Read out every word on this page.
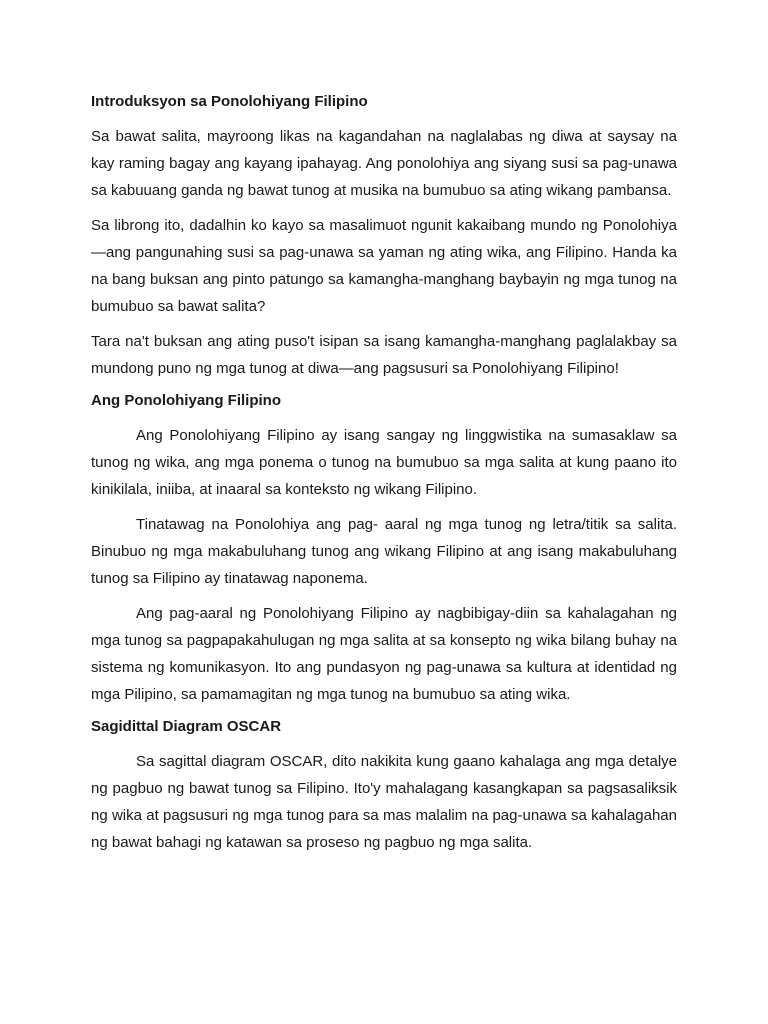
Introduksyon sa Ponolohiyang Filipino

Sa bawat salita, mayroong likas na kagandahan na naglalabas ng diwa at saysay na kay raming bagay ang kayang ipahayag. Ang ponolohiya ang siyang susi sa pag-unawa sa kabuuang ganda ng bawat tunog at musika na bumubuo sa ating wikang pambansa.

Sa librong ito, dadalhin ko kayo sa masalimuot ngunit kakaibang mundo ng Ponolohiya —ang pangunahing susi sa pag-unawa sa yaman ng ating wika, ang Filipino. Handa ka na bang buksan ang pinto patungo sa kamangha-manghang baybayin ng mga tunog na bumubuo sa bawat salita?

Tara na't buksan ang ating puso't isipan sa isang kamangha-manghang paglalakbay sa mundong puno ng mga tunog at diwa—ang pagsusuri sa Ponolohiyang Filipino!

Ang Ponolohiyang Filipino

Ang Ponolohiyang Filipino ay isang sangay ng linggwistika na sumasaklaw sa tunog ng wika, ang mga ponema o tunog na bumubuo sa mga salita at kung paano ito kinikilala, iniiba, at inaaral sa konteksto ng wikang Filipino.

Tinatawag na Ponolohiya ang pag- aaral ng mga tunog ng letra/titik sa salita. Binubuo ng mga makabuluhang tunog ang wikang Filipino at ang isang makabuluhang tunog sa Filipino ay tinatawag naponema.

Ang pag-aaral ng Ponolohiyang Filipino ay nagbibigay-diin sa kahalagahan ng mga tunog sa pagpapakahulugan ng mga salita at sa konsepto ng wika bilang buhay na sistema ng komunikasyon. Ito ang pundasyon ng pag-unawa sa kultura at identidad ng mga Pilipino, sa pamamagitan ng mga tunog na bumubuo sa ating wika.

Sagidittal Diagram OSCAR

Sa sagittal diagram OSCAR, dito nakikita kung gaano kahalaga ang mga detalye ng pagbuo ng bawat tunog sa Filipino. Ito'y mahalagang kasangkapan sa pagsasaliksik ng wika at pagsusuri ng mga tunog para sa mas malalim na pag-unawa sa kahalagahan ng bawat bahagi ng katawan sa proseso ng pagbuo ng mga salita.
